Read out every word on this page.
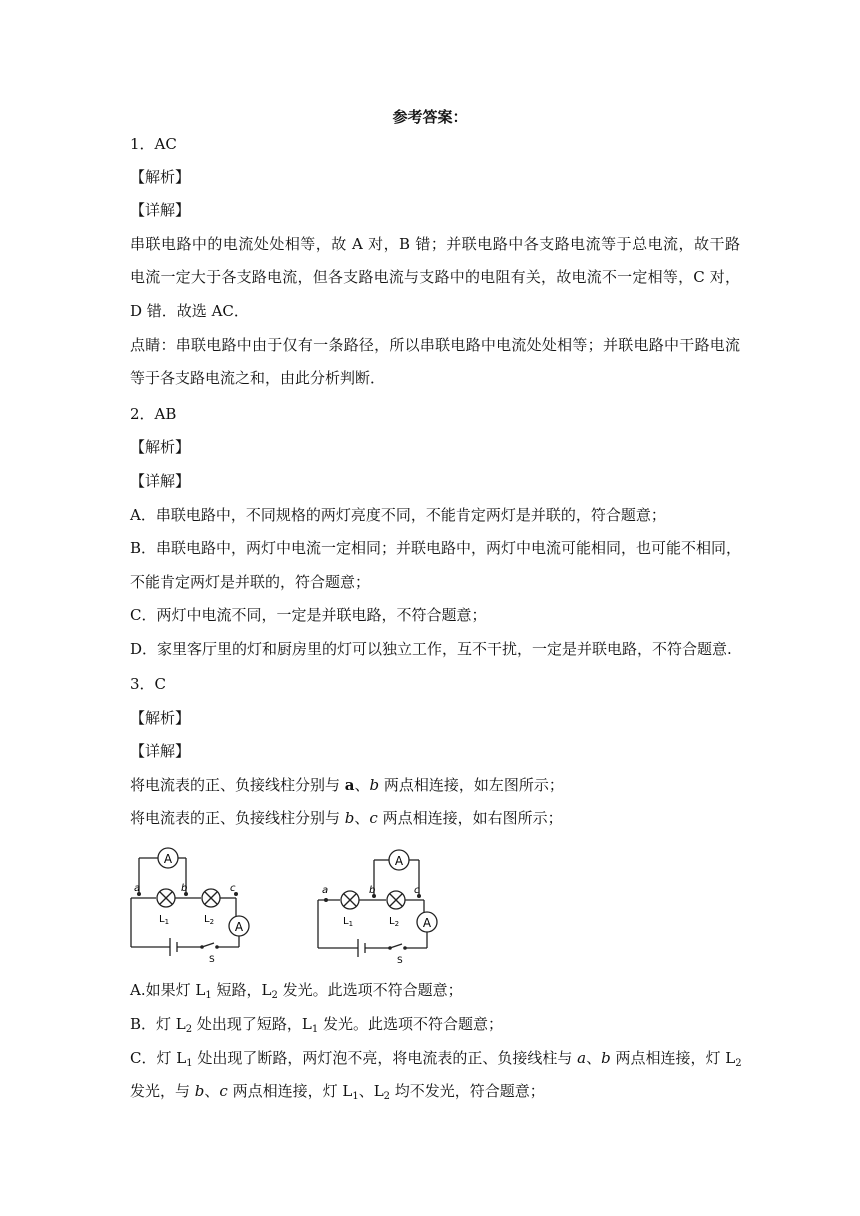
参考答案：
1．AC
【解析】
【详解】
串联电路中的电流处处相等，故 A 对，B 错；并联电路中各支路电流等于总电流，故干路
电流一定大于各支路电流，但各支路电流与支路中的电阻有关，故电流不一定相等，C 对，
D 错．故选 AC．
点睛：串联电路中由于仅有一条路径，所以串联电路中电流处处相等；并联电路中干路电流
等于各支路电流之和，由此分析判断．
2．AB
【解析】
【详解】
A．串联电路中，不同规格的两灯亮度不同，不能肯定两灯是并联的，符合题意；
B．串联电路中，两灯中电流一定相同；并联电路中，两灯中电流可能相同，也可能不相同，
不能肯定两灯是并联的，符合题意；
C．两灯中电流不同，一定是并联电路，不符合题意；
D．家里客厅里的灯和厨房里的灯可以独立工作，互不干扰，一定是并联电路，不符合题意.
3．C
【解析】
【详解】
将电流表的正、负接线柱分别与 a、b 两点相连接，如左图所示；
将电流表的正、负接线柱分别与 b、c 两点相连接，如右图所示；
A
A
a	b	c
$L_1$	$L_2$
S
A
A
a	b	c
$L_1$	$L_2$
S
A.如果灯 $L_1$ 短路，$L_2$ 发光。此选项不符合题意；
B．灯 $L_2$ 处出现了短路，$L_1$ 发光。此选项不符合题意；
C．灯 $L_1$ 处出现了断路，两灯泡不亮，将电流表的正、负接线柱与 a、b 两点相连接，灯 $L_2$
发光，与 b、c 两点相连接，灯 $L_1$、$L_2$ 均不发光，符合题意；
